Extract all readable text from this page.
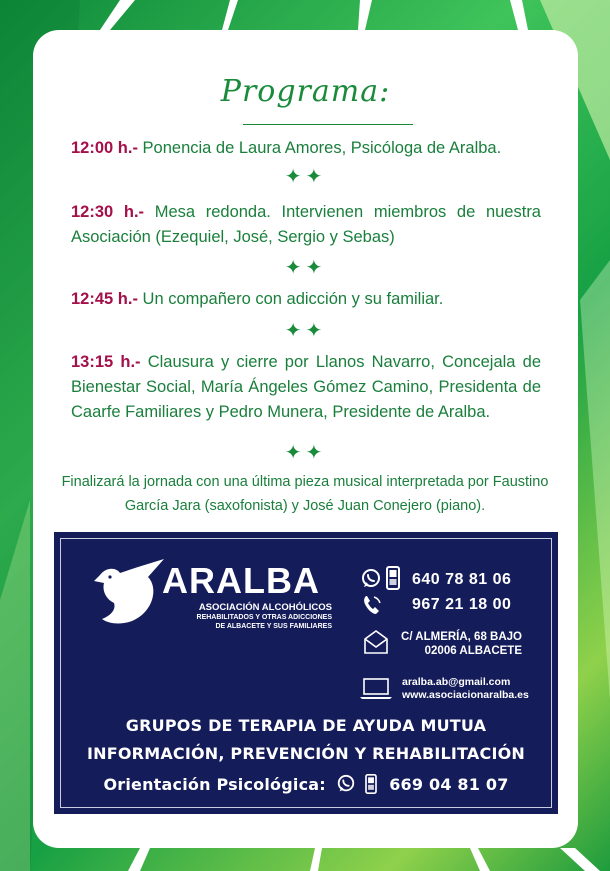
Programa:
12:00 h.- Ponencia de Laura Amores, Psicóloga de Aralba.
✦✦
12:30 h.- Mesa redonda. Intervienen miembros de nuestra Asociación (Ezequiel, José, Sergio y Sebas)
✦✦
12:45 h.- Un compañero con adicción y su familiar.
✦✦
13:15 h.- Clausura y cierre por Llanos Navarro, Concejala de Bienestar Social, María Ángeles Gómez Camino, Presidenta de Caarfe Familiares y Pedro Munera, Presidente de Aralba.
✦✦
Finalizará la jornada con una última pieza musical interpretada por Faustino García Jara (saxofonista) y José Juan Conejero (piano).
ARALBA
ASOCIACIÓN ALCOHÓLICOS
REHABILITADOS Y OTRAS ADICCIONES
DE ALBACETE Y SUS FAMILIARES
640 78 81 06
967 21 18 00
C/ ALMERÍA, 68 BAJO
02006 ALBACETE
aralba.ab@gmail.com
www.asociacionaralba.es
GRUPOS DE TERAPIA DE AYUDA MUTUA
INFORMACIÓN, PREVENCIÓN Y REHABILITACIÓN
Orientación Psicológica:	669 04 81 07
